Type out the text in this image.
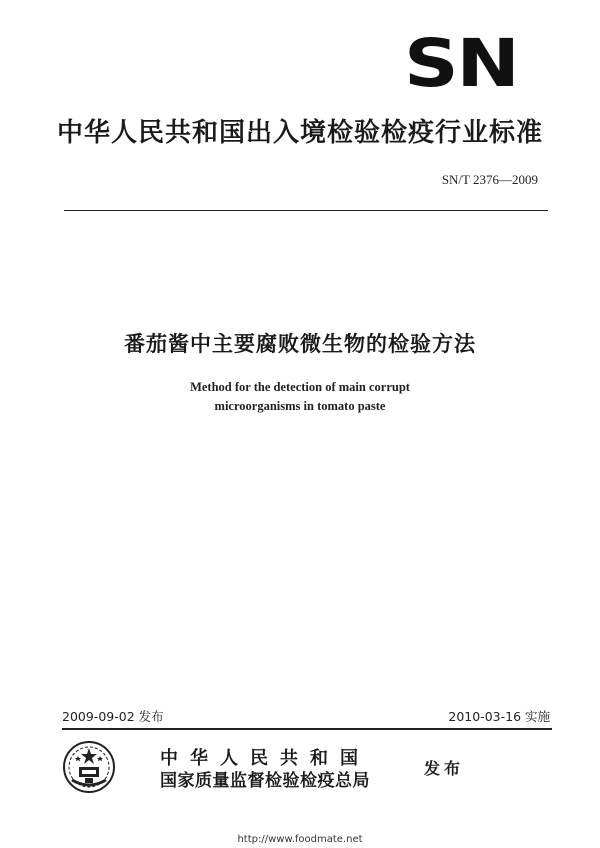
SN
中华人民共和国出入境检验检疫行业标准
SN/T 2376—2009
番茄酱中主要腐败微生物的检验方法
Method for the detection of main corrupt
microorganisms in tomato paste
2009-09-02 发布	2010-03-16 实施
中华人民共和国
国家质量监督检验检疫总局
发布
http://www.foodmate.net
